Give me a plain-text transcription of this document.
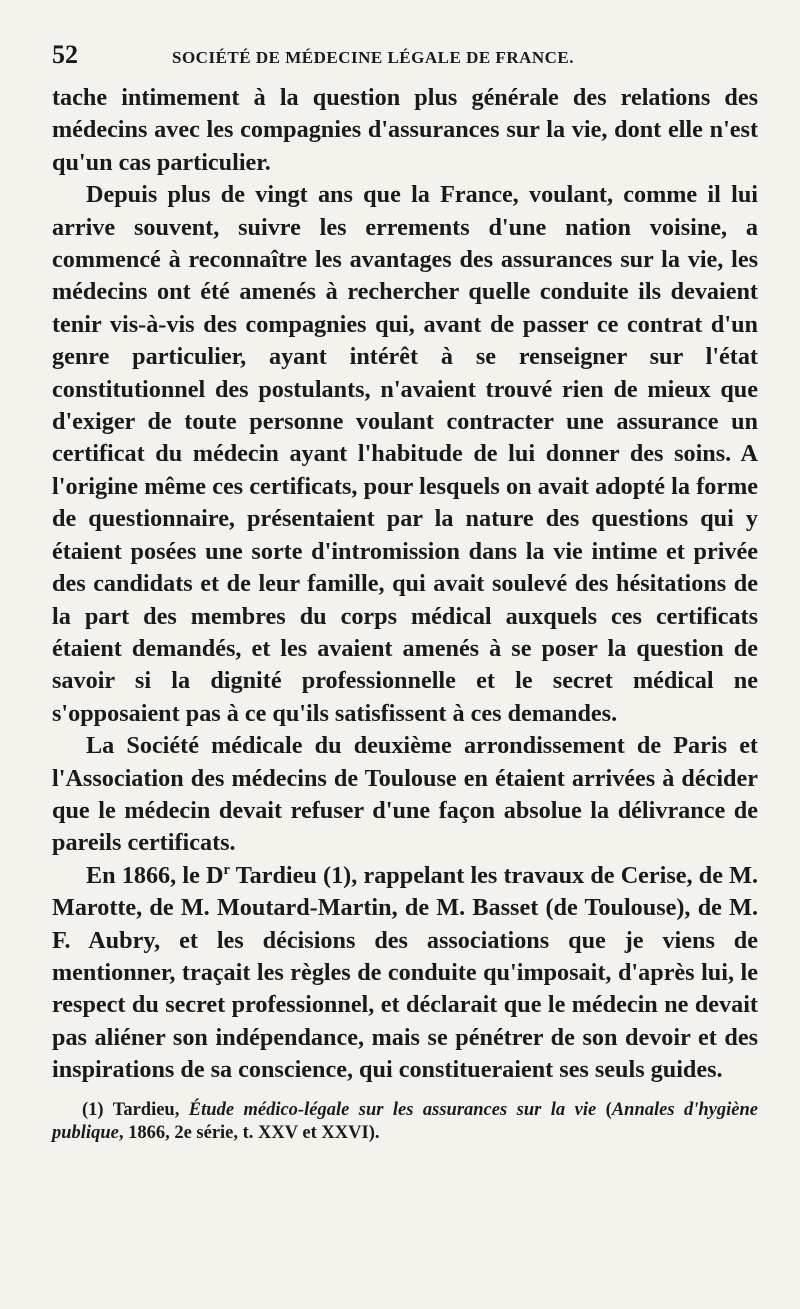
52	SOCIÉTÉ DE MÉDECINE LÉGALE DE FRANCE.

tache intimement à la question plus générale des relations des médecins avec les compagnies d'assurances sur la vie, dont elle n'est qu'un cas particulier.

Depuis plus de vingt ans que la France, voulant, comme il lui arrive souvent, suivre les errements d'une nation voisine, a commencé à reconnaître les avantages des assurances sur la vie, les médecins ont été amenés à rechercher quelle conduite ils devaient tenir vis-à-vis des compagnies qui, avant de passer ce contrat d'un genre particulier, ayant intérêt à se renseigner sur l'état constitutionnel des postulants, n'avaient trouvé rien de mieux que d'exiger de toute personne voulant contracter une assurance un certificat du médecin ayant l'habitude de lui donner des soins. A l'origine même ces certificats, pour lesquels on avait adopté la forme de questionnaire, présentaient par la nature des questions qui y étaient posées une sorte d'intromission dans la vie intime et privée des candidats et de leur famille, qui avait soulevé des hésitations de la part des membres du corps médical auxquels ces certificats étaient demandés, et les avaient amenés à se poser la question de savoir si la dignité professionnelle et le secret médical ne s'opposaient pas à ce qu'ils satisfissent à ces demandes.

La Société médicale du deuxième arrondissement de Paris et l'Association des médecins de Toulouse en étaient arrivées à décider que le médecin devait refuser d'une façon absolue la délivrance de pareils certificats.

En 1866, le $D^r$ Tardieu (1), rappelant les travaux de Cerise, de M. Marotte, de M. Moutard-Martin, de M. Basset (de Toulouse), de M. F. Aubry, et les décisions des associations que je viens de mentionner, traçait les règles de conduite qu'imposait, d'après lui, le respect du secret professionnel, et déclarait que le médecin ne devait pas aliéner son indépendance, mais se pénétrer de son devoir et des inspirations de sa conscience, qui constitueraient ses seuls guides.

(1) Tardieu, Étude médico-légale sur les assurances sur la vie (Annales d'hygiène publique, 1866, 2e série, t. XXV et XXVI).
